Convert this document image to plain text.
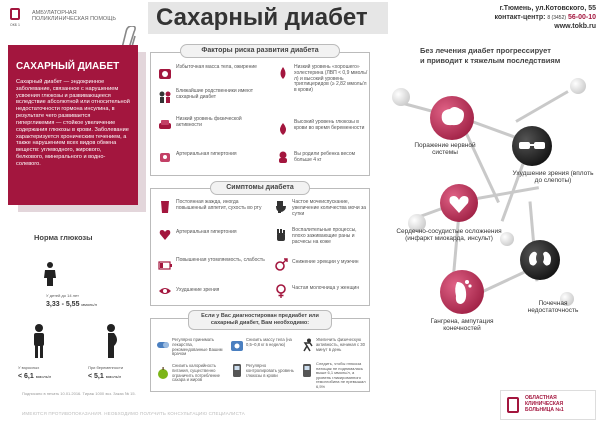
ОКБ 1
АМБУЛАТОРНАЯ
ПОЛИКЛИНИЧЕСКАЯ ПОМОЩЬ	Сахарный диабет	г.Тюмень, ул.Котовского, 55
контакт-центр: 8 (3452) 56-00-10
www.tokb.ru
САХАРНЫЙ ДИАБЕТ
Сахарный диабет — эндокринное заболевание, связанное с нарушением усвоения глюкозы и развивающееся вследствие абсолютной или относительной недостаточности гормона инсулина, в результате чего развивается гипергликемия — стойкое увеличение содержания глюкозы в крови. Заболевание характеризуется хроническим течением, а также нарушением всех видов обмена веществ: углеводного, жирового, белкового, минерального и водно-солевого.
Норма глюкозы
У детей до 14 лет
3,33 - 5,55 ммоль/л
У взрослых
< 6,1 ммоль/л
При беременности
< 5,1 ммоль/л
Факторы риска развития диабета
Избыточная масса тела, ожирение	Низкий уровень «хорошего» холестерина (ЛВП < 0,9 ммоль/л) и высокий уровень триглицеридов (≥ 2,82 ммоль/л в крови)
Ближайшие родственники имеют сахарный диабет
Низкий уровень физической активности	Высокий уровень глюкозы в крови во время беременности
Артериальная гипертония	Вы родили ребенка весом больше 4 кг
Симптомы диабета
Постоянная жажда, иногда повышенный аппетит, сухость во рту
Частое мочеиспускание, увеличение количества мочи за сутки
Артериальная гипертония	Воспалительные процессы, плохо заживающие раны и расчесы на коже
Повышенная утомляемость, слабость	Снижение эрекции у мужчин
Ухудшение зрения	Частая молочница у женщин
Если у Вас диагностирован предиабет или сахарный диабет, Вам необходимо:
Регулярно принимать лекарства, рекомендованные Вашим врачом
Снизить массу тела (на 0,5–0,8 кг в неделю)
Увеличить физическую активность, начиная с 30 минут в день
Снизить калорийность питания, существенно ограничить потребление сахара и жиров
Регулярно контролировать уровень глюкозы в крови
Следить, чтобы глюкоза натощак не поднималась выше 6,1 ммоль/л, а уровень гликированного гемоглобина не превышал 6,5%
Без лечения диабет прогрессирует
и приводит к тяжелым последствиям
Поражение нервной системы
Ухудшение зрения (вплоть до слепоты)
Сердечно-сосудистые осложнения (инфаркт миокарда, инсульт)
Почечная недостаточность
Гангрена, ампутация конечностей
Подписано в печать 10.01.2016. Тираж 1000 экз. Заказ № 15.
ИМЕЮТСЯ ПРОТИВОПОКАЗАНИЯ. НЕОБХОДИМО ПОЛУЧИТЬ КОНСУЛЬТАЦИЮ СПЕЦИАЛИСТА
ОБЛАСТНАЯ
КЛИНИЧЕСКАЯ
БОЛЬНИЦА №1
